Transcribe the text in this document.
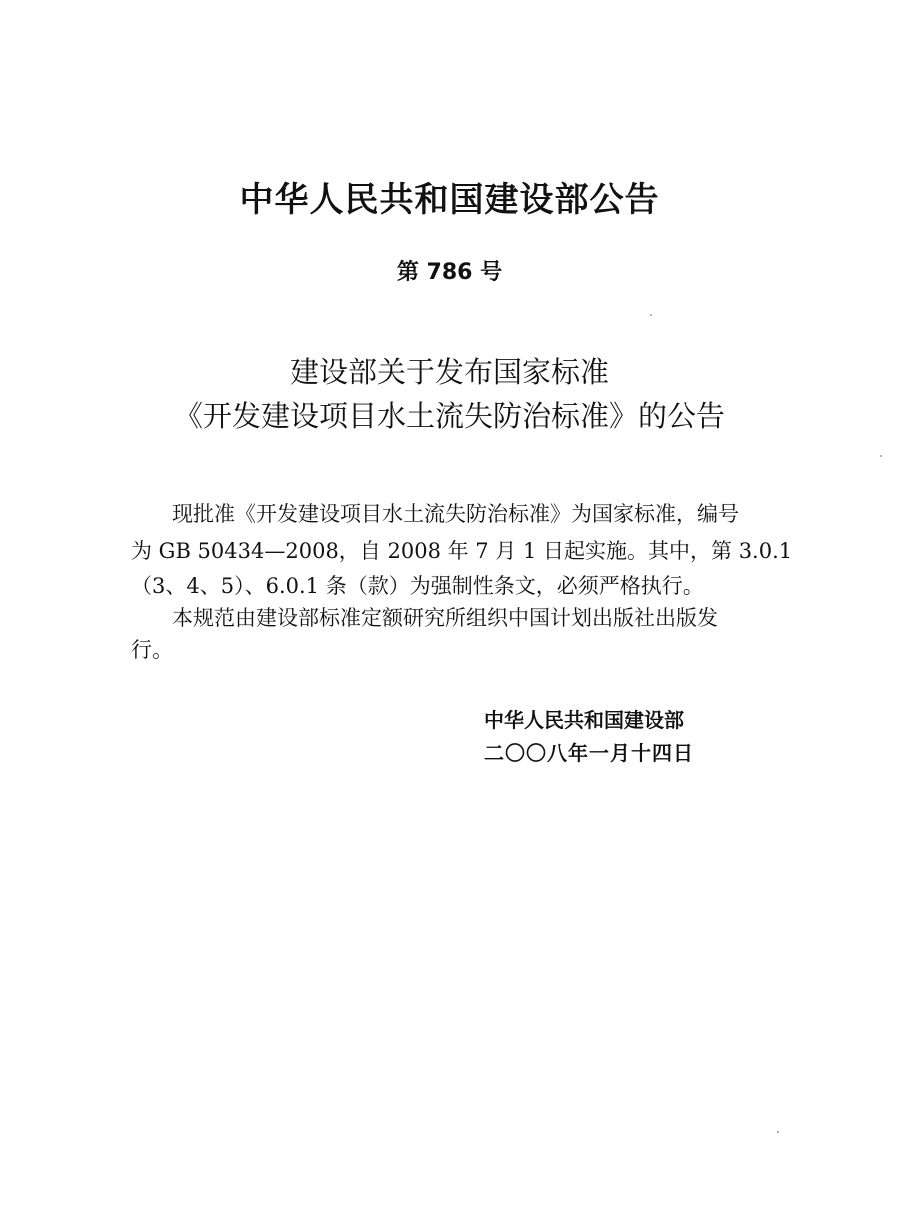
中华人民共和国建设部公告
第 786 号
建设部关于发布国家标准
《开发建设项目水土流失防治标准》的公告

现批准《开发建设项目水土流失防治标准》为国家标准，编号

为 GB 50434—2008，自 2008 年 7 月 1 日起实施。其中，第 3.0.1

（3、4、5）、6.0.1 条（款）为强制性条文，必须严格执行。

本规范由建设部标准定额研究所组织中国计划出版社出版发

行。

中华人民共和国建设部
二〇〇八年一月十四日
